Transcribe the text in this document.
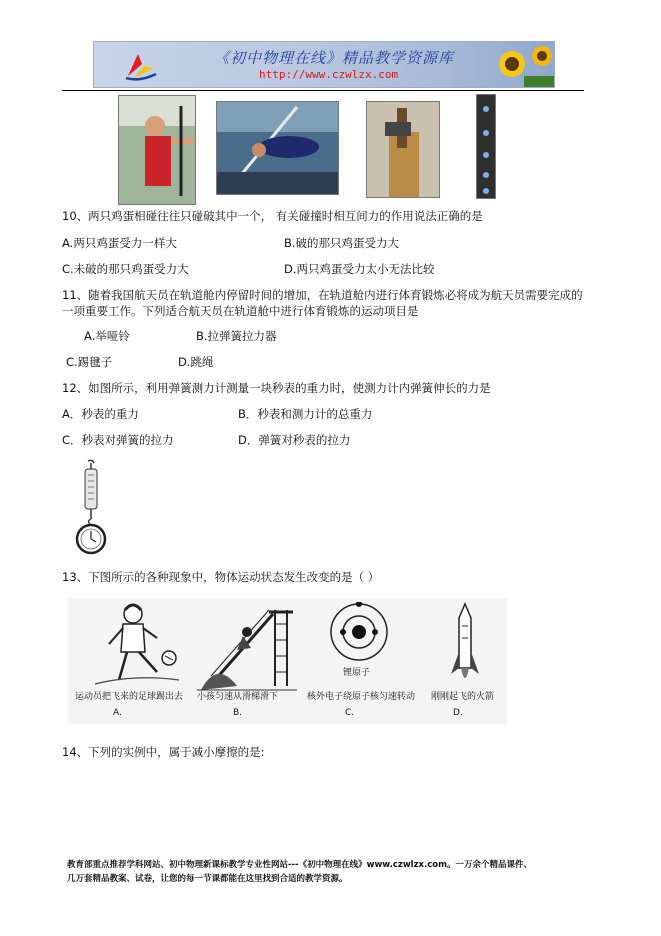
《初中物理在线》精品教学资源库
http://www.czwlzx.com
10、两只鸡蛋相碰往往只碰破其中一个， 有关碰撞时相互间力的作用说法正确的是
A.两只鸡蛋受力一样大	B.破的那只鸡蛋受力大
C.未破的那只鸡蛋受力大	D.两只鸡蛋受力太小无法比较
11、随着我国航天员在轨道舱内停留时间的增加，在轨道舱内进行体育锻炼必将成为航天员需要完成的
一项重要工作。下列适合航天员在轨道舱中进行体育锻炼的运动项目是
A.举哑铃	B.拉弹簧拉力器
C.踢毽子	D.跳绳
12、如图所示，利用弹簧测力计测量一块秒表的重力时，使测力计内弹簧伸长的力是
A．秒表的重力	B．秒表和测力计的总重力
C．秒表对弹簧的拉力	D．弹簧对秒表的拉力
13、下图所示的各种现象中，物体运动状态发生改变的是（ ）
锂原子
运动员把飞来的足球踢出去 小孩匀速从滑梯滑下	核外电子绕原子核匀速转动 刚刚起飞的火箭
A.	B.	C.	D.
14、下列的实例中，属于减小摩擦的是:
教育部重点推荐学科网站、初中物理新课标教学专业性网站---《初中物理在线》www.czwlzx.com。一万余个精品课件、
几万套精品教案、试卷，让您的每一节课都能在这里找到合适的教学资源。
